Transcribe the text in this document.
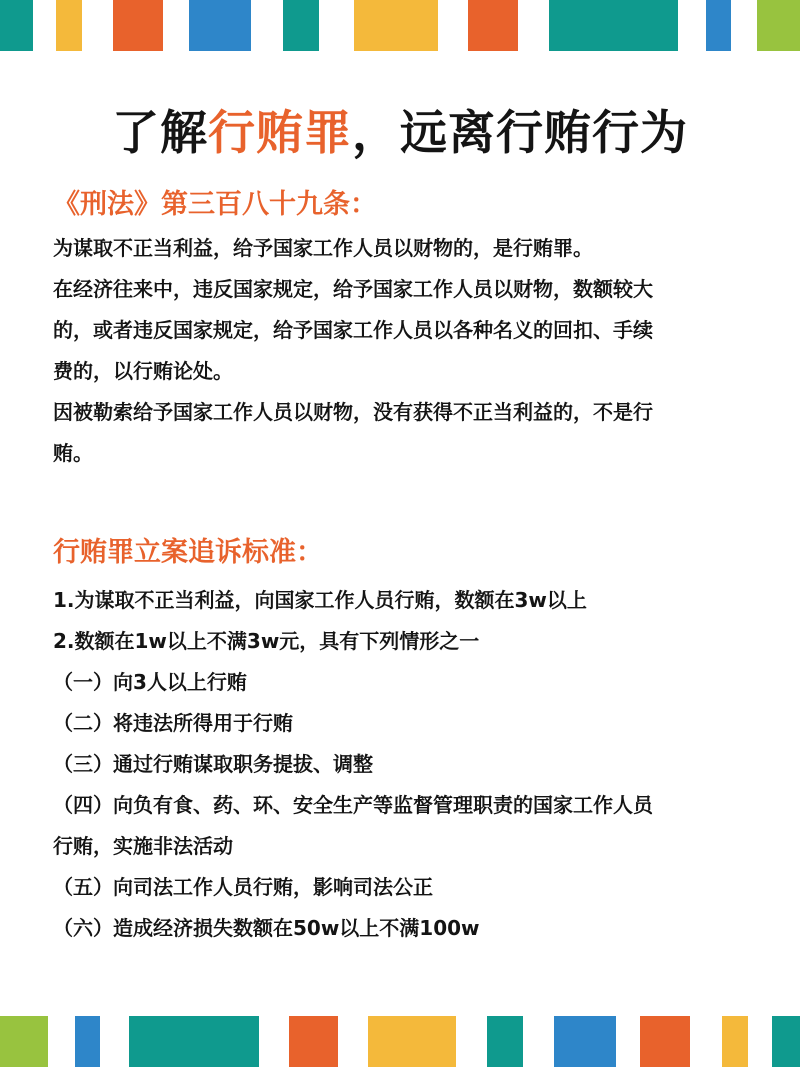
了解行贿罪，远离行贿行为
《刑法》第三百八十九条：
为谋取不正当利益，给予国家工作人员以财物的，是行贿罪。
在经济往来中，违反国家规定，给予国家工作人员以财物，数额较大
的，或者违反国家规定，给予国家工作人员以各种名义的回扣、手续
费的，以行贿论处。
因被勒索给予国家工作人员以财物，没有获得不正当利益的，不是行
贿。
行贿罪立案追诉标准：
1.为谋取不正当利益，向国家工作人员行贿，数额在3w以上
2.数额在1w以上不满3w元，具有下列情形之一
（一）向3人以上行贿
（二）将违法所得用于行贿
（三）通过行贿谋取职务提拔、调整
（四）向负有食、药、环、安全生产等监督管理职责的国家工作人员
行贿，实施非法活动
（五）向司法工作人员行贿，影响司法公正
（六）造成经济损失数额在50w以上不满100w
